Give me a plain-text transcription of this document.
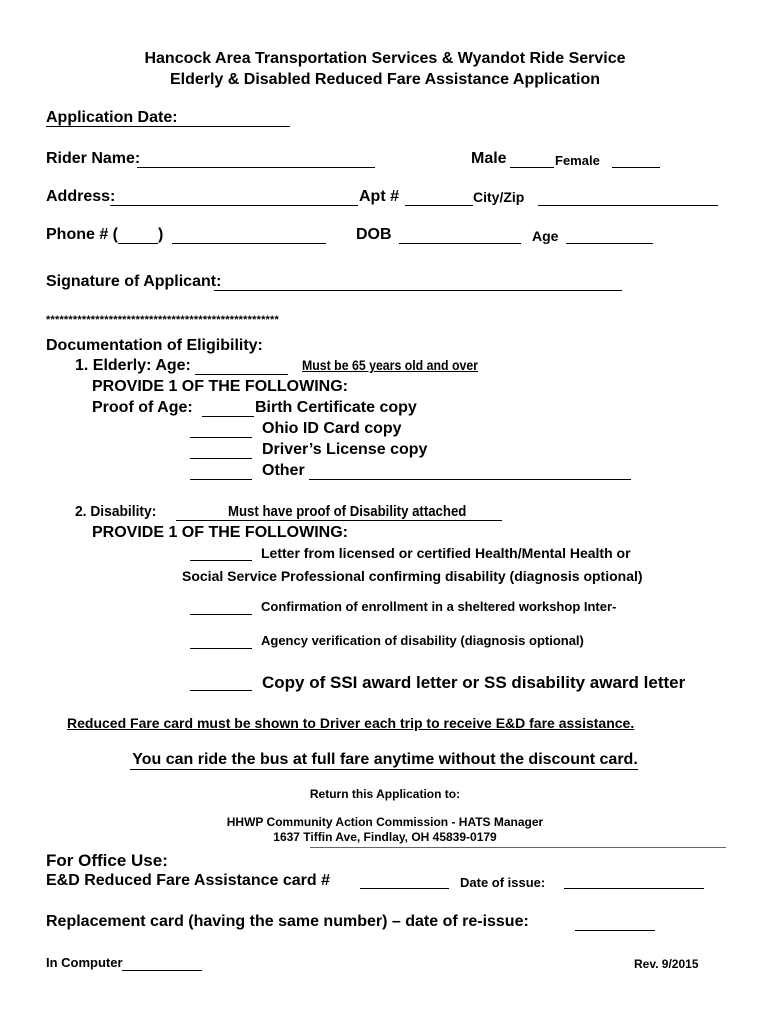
Hancock Area Transportation Services & Wyandot Ride Service
Elderly & Disabled Reduced Fare Assistance Application
Application Date:
Rider Name:	Male	Female
Address:	Apt #	City/Zip
Phone # ( )	DOB	Age
Signature of Applicant:
****************************************************
Documentation of Eligibility:
1. Elderly: Age:	Must be 65 years old and over
PROVIDE 1 OF THE FOLLOWING:
Proof of Age:	Birth Certificate copy
Ohio ID Card copy
Driver’s License copy
Other
2. Disability:	Must have proof of Disability attached
PROVIDE 1 OF THE FOLLOWING:
Letter from licensed or certified Health/Mental Health or
Social Service Professional confirming disability (diagnosis optional)
Confirmation of enrollment in a sheltered workshop Inter-
Agency verification of disability (diagnosis optional)
Copy of SSI award letter or SS disability award letter
Reduced Fare card must be shown to Driver each trip to receive E&D fare assistance.
You can ride the bus at full fare anytime without the discount card.
Return this Application to:
HHWP Community Action Commission - HATS Manager
1637 Tiffin Ave, Findlay, OH 45839-0179
For Office Use:
E&D Reduced Fare Assistance card #	Date of issue:
Replacement card (having the same number) – date of re-issue:
In Computer	Rev. 9/2015
